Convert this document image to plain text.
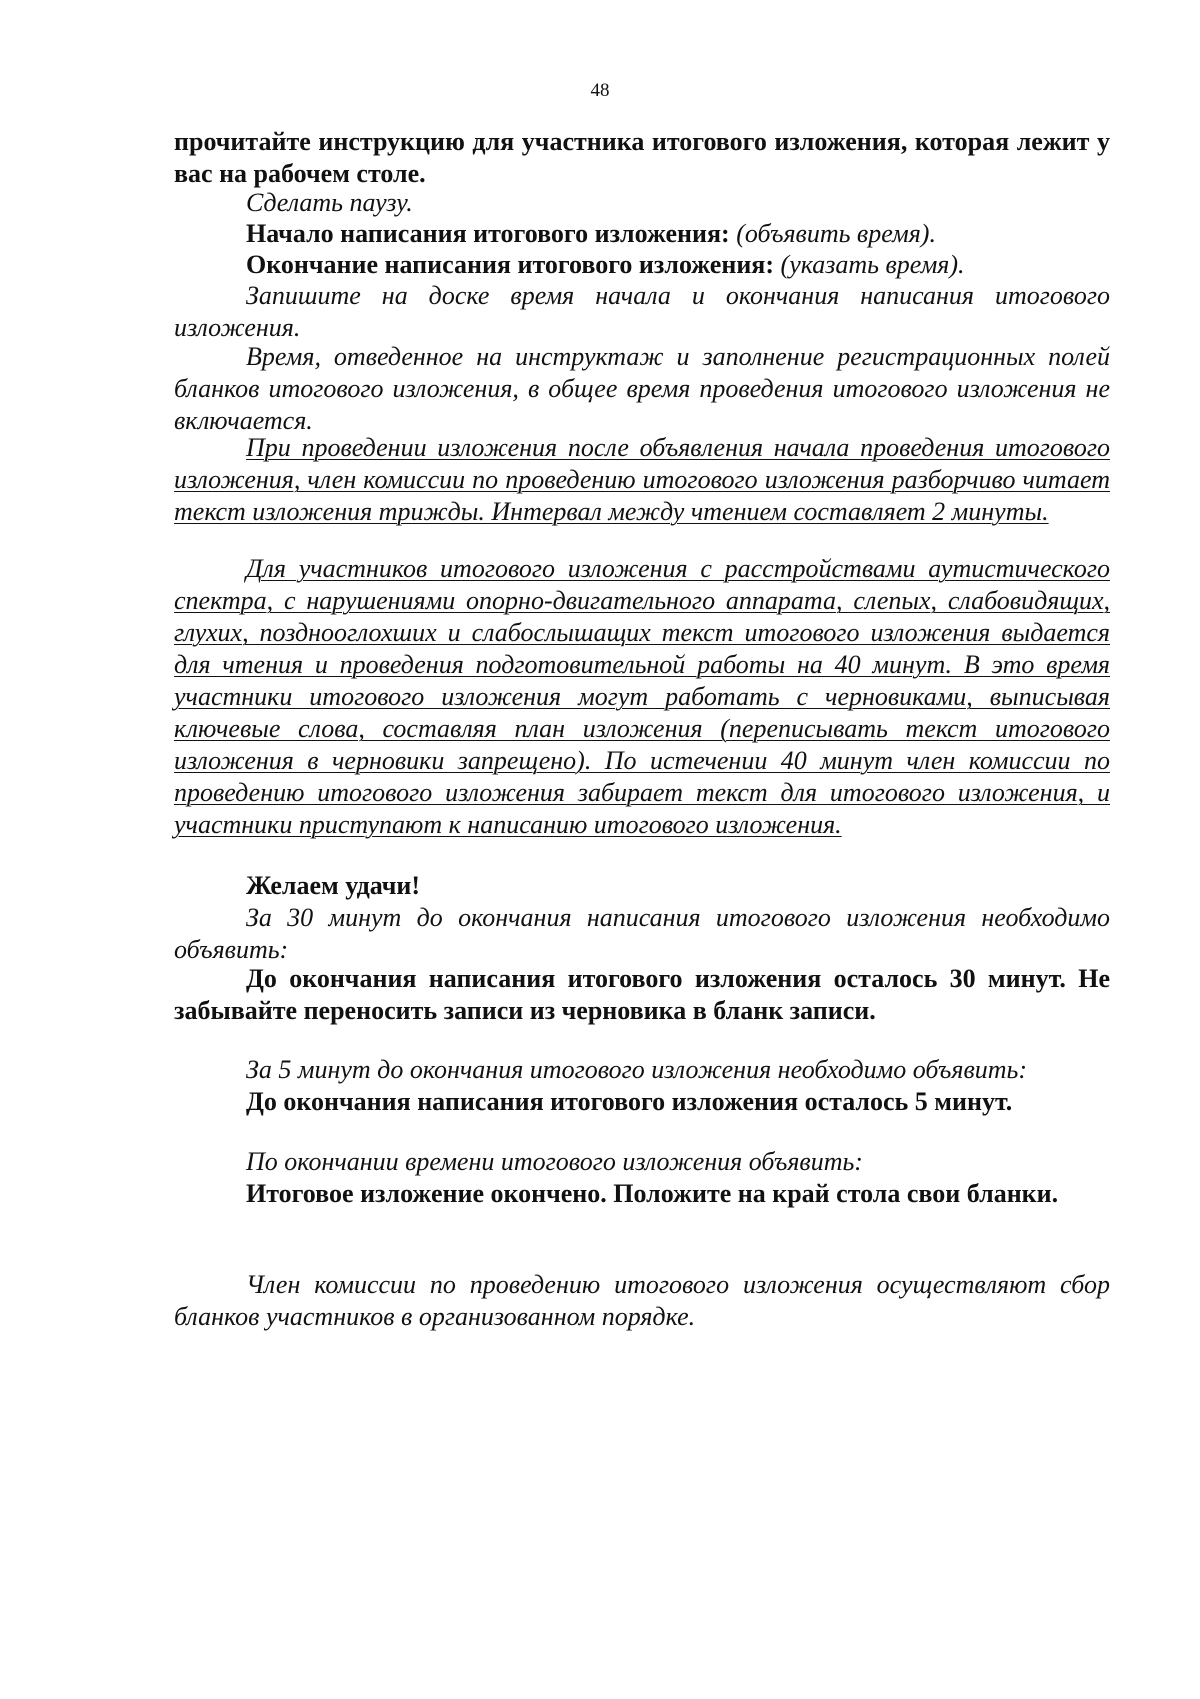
48
прочитайте инструкцию для участника итогового изложения, которая лежит у вас на рабочем столе.
Сделать паузу.
Начало написания итогового изложения: (объявить время).
Окончание написания итогового изложения: (указать время).
Запишите на доске время начала и окончания написания итогового изложения.
Время, отведенное на инструктаж и заполнение регистрационных полей бланков итогового изложения, в общее время проведения итогового изложения не включается.
При проведении изложения после объявления начала проведения итогового изложения, член комиссии по проведению итогового изложения разборчиво читает текст изложения трижды. Интервал между чтением составляет 2 минуты.
Для участников итогового изложения с расстройствами аутистического спектра, с нарушениями опорно-двигательного аппарата, слепых, слабовидящих, глухих, позднооглохших и слабослышащих текст итогового изложения выдается для чтения и проведения подготовительной работы на 40 минут. В это время участники итогового изложения могут работать с черновиками, выписывая ключевые слова, составляя план изложения (переписывать текст итогового изложения в черновики запрещено). По истечении 40 минут член комиссии по проведению итогового изложения забирает текст для итогового изложения, и участники приступают к написанию итогового изложения.
Желаем удачи!
За 30 минут до окончания написания итогового изложения необходимо объявить:
До окончания написания итогового изложения осталось 30 минут. Не забывайте переносить записи из черновика в бланк записи.
За 5 минут до окончания итогового изложения необходимо объявить:
До окончания написания итогового изложения осталось 5 минут.
По окончании времени итогового изложения объявить:
Итоговое изложение окончено. Положите на край стола свои бланки.
Член комиссии по проведению итогового изложения осуществляют сбор бланков участников в организованном порядке.
